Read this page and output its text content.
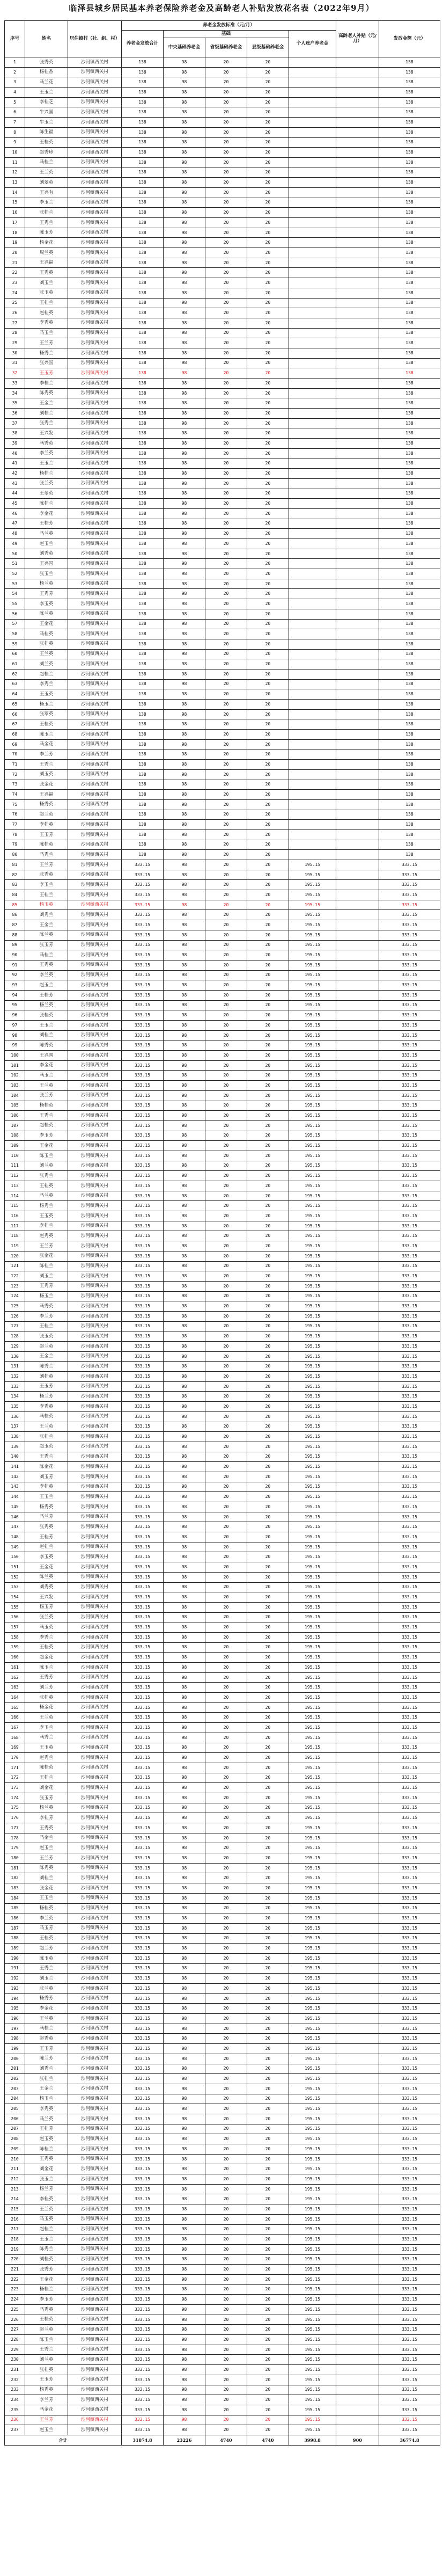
临泽县城乡居民基本养老保险养老金及高龄老人补贴发放花名表（2022年9月）
序号	姓名	居住镇村（社、组、村）	养老金发放标准（元/月）					高龄老人补贴（元/月）	发放金额（元）
			养老金发放合计	基础			个人账户养老金		
				中央基础养老金	省级基础养老金	县级基础养老金			
1	张秀英	沙河镇西关村	138	98	20	20			138
2	杨桂香	沙河镇西关村	138	98	20	20			138
3	马兰花	沙河镇西关村	138	98	20	20			138
4	王玉兰	沙河镇西关村	138	98	20	20			138
5	李桂芝	沙河镇西关村	138	98	20	20			138
6	牛兴国	沙河镇西关村	138	98	20	20			138
7	牛玉兰	沙河镇西关村	138	98	20	20			138
8	陈生福	沙河镇西关村	138	98	20	20			138
9	王桂英	沙河镇西关村	138	98	20	20			138
10	赵秀珍	沙河镇西关村	138	98	20	20			138
11	马桂兰	沙河镇西关村	138	98	20	20			138
12	王兰英	沙河镇西关村	138	98	20	20			138
13	刘翠英	沙河镇西关村	138	98	20	20			138
14	王兴有	沙河镇西关村	138	98	20	20			138
15	李玉兰	沙河镇西关村	138	98	20	20			138
16	张桂兰	沙河镇西关村	138	98	20	20			138
17	王秀兰	沙河镇西关村	138	98	20	20			138
18	陈玉芳	沙河镇西关村	138	98	20	20			138
19	杨金花	沙河镇西关村	138	98	20	20			138
20	周兰英	沙河镇西关村	138	98	20	20			138
21	王兴福	沙河镇西关村	138	98	20	20			138
22	王秀英	沙河镇西关村	138	98	20	20			138
23	刘玉兰	沙河镇西关村	138	98	20	20			138
24	张玉英	沙河镇西关村	138	98	20	20			138
25	王桂兰	沙河镇西关村	138	98	20	20			138
26	赵桂英	沙河镇西关村	138	98	20	20			138
27	李秀英	沙河镇西关村	138	98	20	20			138
28	马玉兰	沙河镇西关村	138	98	20	20			138
29	王兰芳	沙河镇西关村	138	98	20	20			138
30	杨秀兰	沙河镇西关村	138	98	20	20			138
31	张兴国	沙河镇西关村	138	98	20	20			138
32	王玉芳	沙河镇西关村	138	98	20	20			138
33	李桂兰	沙河镇西关村	138	98	20	20			138
34	陈秀英	沙河镇西关村	138	98	20	20			138
35	王金兰	沙河镇西关村	138	98	20	20			138
36	刘桂兰	沙河镇西关村	138	98	20	20			138
37	张秀兰	沙河镇西关村	138	98	20	20			138
38	王兴发	沙河镇西关村	138	98	20	20			138
39	马秀英	沙河镇西关村	138	98	20	20			138
40	李兰英	沙河镇西关村	138	98	20	20			138
41	王玉兰	沙河镇西关村	138	98	20	20			138
42	杨桂兰	沙河镇西关村	138	98	20	20			138
43	张兰英	沙河镇西关村	138	98	20	20			138
44	王翠英	沙河镇西关村	138	98	20	20			138
45	陈桂兰	沙河镇西关村	138	98	20	20			138
46	李金花	沙河镇西关村	138	98	20	20			138
47	王桂芳	沙河镇西关村	138	98	20	20			138
48	马兰英	沙河镇西关村	138	98	20	20			138
49	赵玉兰	沙河镇西关村	138	98	20	20			138
50	刘秀英	沙河镇西关村	138	98	20	20			138
51	王兴国	沙河镇西关村	138	98	20	20			138
52	张玉兰	沙河镇西关村	138	98	20	20			138
53	杨兰英	沙河镇西关村	138	98	20	20			138
54	王秀芳	沙河镇西关村	138	98	20	20			138
55	李玉英	沙河镇西关村	138	98	20	20			138
56	陈兰英	沙河镇西关村	138	98	20	20			138
57	王金花	沙河镇西关村	138	98	20	20			138
58	马桂英	沙河镇西关村	138	98	20	20			138
59	张桂英	沙河镇西关村	138	98	20	20			138
60	王兰英	沙河镇西关村	138	98	20	20			138
61	刘兰英	沙河镇西关村	138	98	20	20			138
62	赵桂兰	沙河镇西关村	138	98	20	20			138
63	李秀兰	沙河镇西关村	138	98	20	20			138
64	王玉英	沙河镇西关村	138	98	20	20			138
65	杨玉兰	沙河镇西关村	138	98	20	20			138
66	张翠英	沙河镇西关村	138	98	20	20			138
67	王桂英	沙河镇西关村	138	98	20	20			138
68	陈玉兰	沙河镇西关村	138	98	20	20			138
69	马金花	沙河镇西关村	138	98	20	20			138
70	李兰芳	沙河镇西关村	138	98	20	20			138
71	王秀兰	沙河镇西关村	138	98	20	20			138
72	刘玉英	沙河镇西关村	138	98	20	20			138
73	张金花	沙河镇西关村	138	98	20	20			138
74	王兴福	沙河镇西关村	138	98	20	20			138
75	杨秀英	沙河镇西关村	138	98	20	20			138
76	赵兰英	沙河镇西关村	138	98	20	20			138
77	李桂英	沙河镇西关村	138	98	20	20			138
78	王玉芳	沙河镇西关村	138	98	20	20			138
79	陈桂英	沙河镇西关村	138	98	20	20			138
80	马秀兰	沙河镇西关村	138	98	20	20			138
81	王兰芳	沙河镇西关村	333.15	98	20	20	195.15		333.15
82	张秀英	沙河镇西关村	333.15	98	20	20	195.15		333.15
83	李玉兰	沙河镇西关村	333.15	98	20	20	195.15		333.15
84	王桂兰	沙河镇西关村	333.15	98	20	20	195.15		333.15
85	杨玉英	沙河镇西关村	333.15	98	20	20	195.15		333.15
86	刘秀兰	沙河镇西关村	333.15	98	20	20	195.15		333.15
87	王金兰	沙河镇西关村	333.15	98	20	20	195.15		333.15
88	陈兰英	沙河镇西关村	333.15	98	20	20	195.15		333.15
89	张玉芳	沙河镇西关村	333.15	98	20	20	195.15		333.15
90	马桂兰	沙河镇西关村	333.15	98	20	20	195.15		333.15
91	王秀英	沙河镇西关村	333.15	98	20	20	195.15		333.15
92	李兰英	沙河镇西关村	333.15	98	20	20	195.15		333.15
93	赵玉兰	沙河镇西关村	333.15	98	20	20	195.15		333.15
94	王桂芳	沙河镇西关村	333.15	98	20	20	195.15		333.15
95	杨兰英	沙河镇西关村	333.15	98	20	20	195.15		333.15
96	张桂英	沙河镇西关村	333.15	98	20	20	195.15		333.15
97	王玉兰	沙河镇西关村	333.15	98	20	20	195.15		333.15
98	刘桂兰	沙河镇西关村	333.15	98	20	20	195.15		333.15
99	陈秀英	沙河镇西关村	333.15	98	20	20	195.15		333.15
100	王兴国	沙河镇西关村	333.15	98	20	20	195.15		333.15
101	李金花	沙河镇西关村	333.15	98	20	20	195.15		333.15
102	马玉兰	沙河镇西关村	333.15	98	20	20	195.15		333.15
103	王兰英	沙河镇西关村	333.15	98	20	20	195.15		333.15
104	张兰芳	沙河镇西关村	333.15	98	20	20	195.15		333.15
105	杨桂英	沙河镇西关村	333.15	98	20	20	195.15		333.15
106	王秀兰	沙河镇西关村	333.15	98	20	20	195.15		333.15
107	赵桂英	沙河镇西关村	333.15	98	20	20	195.15		333.15
108	李玉芳	沙河镇西关村	333.15	98	20	20	195.15		333.15
109	王金花	沙河镇西关村	333.15	98	20	20	195.15		333.15
110	陈玉兰	沙河镇西关村	333.15	98	20	20	195.15		333.15
111	刘兰英	沙河镇西关村	333.15	98	20	20	195.15		333.15
112	张秀兰	沙河镇西关村	333.15	98	20	20	195.15		333.15
113	王桂英	沙河镇西关村	333.15	98	20	20	195.15		333.15
114	马兰英	沙河镇西关村	333.15	98	20	20	195.15		333.15
115	杨秀兰	沙河镇西关村	333.15	98	20	20	195.15		333.15
116	王玉英	沙河镇西关村	333.15	98	20	20	195.15		333.15
117	李桂兰	沙河镇西关村	333.15	98	20	20	195.15		333.15
118	赵秀英	沙河镇西关村	333.15	98	20	20	195.15		333.15
119	王兰芳	沙河镇西关村	333.15	98	20	20	195.15		333.15
120	张金花	沙河镇西关村	333.15	98	20	20	195.15		333.15
121	陈桂兰	沙河镇西关村	333.15	98	20	20	195.15		333.15
122	刘玉兰	沙河镇西关村	333.15	98	20	20	195.15		333.15
123	王秀芳	沙河镇西关村	333.15	98	20	20	195.15		333.15
124	杨玉兰	沙河镇西关村	333.15	98	20	20	195.15		333.15
125	马秀英	沙河镇西关村	333.15	98	20	20	195.15		333.15
126	李兰芳	沙河镇西关村	333.15	98	20	20	195.15		333.15
127	王桂兰	沙河镇西关村	333.15	98	20	20	195.15		333.15
128	张玉英	沙河镇西关村	333.15	98	20	20	195.15		333.15
129	赵兰英	沙河镇西关村	333.15	98	20	20	195.15		333.15
130	王金兰	沙河镇西关村	333.15	98	20	20	195.15		333.15
131	陈秀兰	沙河镇西关村	333.15	98	20	20	195.15		333.15
132	刘桂英	沙河镇西关村	333.15	98	20	20	195.15		333.15
133	王玉芳	沙河镇西关村	333.15	98	20	20	195.15		333.15
134	杨兰芳	沙河镇西关村	333.15	98	20	20	195.15		333.15
135	李秀英	沙河镇西关村	333.15	98	20	20	195.15		333.15
136	马桂英	沙河镇西关村	333.15	98	20	20	195.15		333.15
137	王兰英	沙河镇西关村	333.15	98	20	20	195.15		333.15
138	张桂兰	沙河镇西关村	333.15	98	20	20	195.15		333.15
139	赵玉英	沙河镇西关村	333.15	98	20	20	195.15		333.15
140	王秀兰	沙河镇西关村	333.15	98	20	20	195.15		333.15
141	陈金花	沙河镇西关村	333.15	98	20	20	195.15		333.15
142	刘玉芳	沙河镇西关村	333.15	98	20	20	195.15		333.15
143	李桂英	沙河镇西关村	333.15	98	20	20	195.15		333.15
144	王玉兰	沙河镇西关村	333.15	98	20	20	195.15		333.15
145	杨秀英	沙河镇西关村	333.15	98	20	20	195.15		333.15
146	马兰芳	沙河镇西关村	333.15	98	20	20	195.15		333.15
147	张秀英	沙河镇西关村	333.15	98	20	20	195.15		333.15
148	王桂芳	沙河镇西关村	333.15	98	20	20	195.15		333.15
149	赵桂兰	沙河镇西关村	333.15	98	20	20	195.15		333.15
150	李玉英	沙河镇西关村	333.15	98	20	20	195.15		333.15
151	王金花	沙河镇西关村	333.15	98	20	20	195.15		333.15
152	陈兰英	沙河镇西关村	333.15	98	20	20	195.15		333.15
153	刘秀英	沙河镇西关村	333.15	98	20	20	195.15		333.15
154	王兴发	沙河镇西关村	333.15	98	20	20	195.15		333.15
155	杨玉芳	沙河镇西关村	333.15	98	20	20	195.15		333.15
156	张兰英	沙河镇西关村	333.15	98	20	20	195.15		333.15
157	马玉英	沙河镇西关村	333.15	98	20	20	195.15		333.15
158	李秀兰	沙河镇西关村	333.15	98	20	20	195.15		333.15
159	王桂英	沙河镇西关村	333.15	98	20	20	195.15		333.15
160	赵金花	沙河镇西关村	333.15	98	20	20	195.15		333.15
161	陈玉兰	沙河镇西关村	333.15	98	20	20	195.15		333.15
162	王秀芳	沙河镇西关村	333.15	98	20	20	195.15		333.15
163	刘兰芳	沙河镇西关村	333.15	98	20	20	195.15		333.15
164	张桂英	沙河镇西关村	333.15	98	20	20	195.15		333.15
165	杨金花	沙河镇西关村	333.15	98	20	20	195.15		333.15
166	王兰英	沙河镇西关村	333.15	98	20	20	195.15		333.15
167	李玉兰	沙河镇西关村	333.15	98	20	20	195.15		333.15
168	马秀兰	沙河镇西关村	333.15	98	20	20	195.15		333.15
169	王玉英	沙河镇西关村	333.15	98	20	20	195.15		333.15
170	赵秀兰	沙河镇西关村	333.15	98	20	20	195.15		333.15
171	陈桂英	沙河镇西关村	333.15	98	20	20	195.15		333.15
172	王桂兰	沙河镇西关村	333.15	98	20	20	195.15		333.15
173	刘金花	沙河镇西关村	333.15	98	20	20	195.15		333.15
174	张玉芳	沙河镇西关村	333.15	98	20	20	195.15		333.15
175	杨兰英	沙河镇西关村	333.15	98	20	20	195.15		333.15
176	李桂芳	沙河镇西关村	333.15	98	20	20	195.15		333.15
177	王秀英	沙河镇西关村	333.15	98	20	20	195.15		333.15
178	马金兰	沙河镇西关村	333.15	98	20	20	195.15		333.15
179	赵玉兰	沙河镇西关村	333.15	98	20	20	195.15		333.15
180	王兰芳	沙河镇西关村	333.15	98	20	20	195.15		333.15
181	陈秀英	沙河镇西关村	333.15	98	20	20	195.15		333.15
182	刘桂兰	沙河镇西关村	333.15	98	20	20	195.15		333.15
183	张金花	沙河镇西关村	333.15	98	20	20	195.15		333.15
184	王玉兰	沙河镇西关村	333.15	98	20	20	195.15		333.15
185	杨桂英	沙河镇西关村	333.15	98	20	20	195.15		333.15
186	李兰英	沙河镇西关村	333.15	98	20	20	195.15		333.15
187	马玉芳	沙河镇西关村	333.15	98	20	20	195.15		333.15
188	王桂英	沙河镇西关村	333.15	98	20	20	195.15		333.15
189	赵兰芳	沙河镇西关村	333.15	98	20	20	195.15		333.15
190	陈玉英	沙河镇西关村	333.15	98	20	20	195.15		333.15
191	王秀兰	沙河镇西关村	333.15	98	20	20	195.15		333.15
192	刘玉兰	沙河镇西关村	333.15	98	20	20	195.15		333.15
193	张兰英	沙河镇西关村	333.15	98	20	20	195.15		333.15
194	杨秀芳	沙河镇西关村	333.15	98	20	20	195.15		333.15
195	李金花	沙河镇西关村	333.15	98	20	20	195.15		333.15
196	王兰英	沙河镇西关村	333.15	98	20	20	195.15		333.15
197	马桂兰	沙河镇西关村	333.15	98	20	20	195.15		333.15
198	赵秀英	沙河镇西关村	333.15	98	20	20	195.15		333.15
199	王玉芳	沙河镇西关村	333.15	98	20	20	195.15		333.15
200	陈兰芳	沙河镇西关村	333.15	98	20	20	195.15		333.15
201	刘秀兰	沙河镇西关村	333.15	98	20	20	195.15		333.15
202	张桂兰	沙河镇西关村	333.15	98	20	20	195.15		333.15
203	王金兰	沙河镇西关村	333.15	98	20	20	195.15		333.15
204	杨玉兰	沙河镇西关村	333.15	98	20	20	195.15		333.15
205	李秀英	沙河镇西关村	333.15	98	20	20	195.15		333.15
206	马兰英	沙河镇西关村	333.15	98	20	20	195.15		333.15
207	王桂芳	沙河镇西关村	333.15	98	20	20	195.15		333.15
208	赵玉英	沙河镇西关村	333.15	98	20	20	195.15		333.15
209	陈桂兰	沙河镇西关村	333.15	98	20	20	195.15		333.15
210	王秀英	沙河镇西关村	333.15	98	20	20	195.15		333.15
211	刘金花	沙河镇西关村	333.15	98	20	20	195.15		333.15
212	张玉兰	沙河镇西关村	333.15	98	20	20	195.15		333.15
213	杨兰芳	沙河镇西关村	333.15	98	20	20	195.15		333.15
214	李桂英	沙河镇西关村	333.15	98	20	20	195.15		333.15
215	王兰英	沙河镇西关村	333.15	98	20	20	195.15		333.15
216	马玉英	沙河镇西关村	333.15	98	20	20	195.15		333.15
217	赵桂兰	沙河镇西关村	333.15	98	20	20	195.15		333.15
218	王玉兰	沙河镇西关村	333.15	98	20	20	195.15		333.15
219	陈秀兰	沙河镇西关村	333.15	98	20	20	195.15		333.15
220	刘桂英	沙河镇西关村	333.15	98	20	20	195.15		333.15
221	张秀芳	沙河镇西关村	333.15	98	20	20	195.15		333.15
222	王金花	沙河镇西关村	333.15	98	20	20	195.15		333.15
223	杨桂兰	沙河镇西关村	333.15	98	20	20	195.15		333.15
224	李玉芳	沙河镇西关村	333.15	98	20	20	195.15		333.15
225	马秀英	沙河镇西关村	333.15	98	20	20	195.15		333.15
226	王桂英	沙河镇西关村	333.15	98	20	20	195.15		333.15
227	赵兰英	沙河镇西关村	333.15	98	20	20	195.15		333.15
228	陈玉兰	沙河镇西关村	333.15	98	20	20	195.15		333.15
229	王秀兰	沙河镇西关村	333.15	98	20	20	195.15		333.15
230	刘兰英	沙河镇西关村	333.15	98	20	20	195.15		333.15
231	张桂英	沙河镇西关村	333.15	98	20	20	195.15		333.15
232	王玉芳	沙河镇西关村	333.15	98	20	20	195.15		333.15
233	杨秀英	沙河镇西关村	333.15	98	20	20	195.15		333.15
234	李兰芳	沙河镇西关村	333.15	98	20	20	195.15		333.15
235	马金花	沙河镇西关村	333.15	98	20	20	195.15		333.15
236	王兰芳	沙河镇西关村	333.15	98	20	20	195.15		333.15
237	赵玉兰	沙河镇西关村	333.15	98	20	20	195.15		333.15
合计			31874.8	23226	4740	4740	3998.8	900	36774.8
